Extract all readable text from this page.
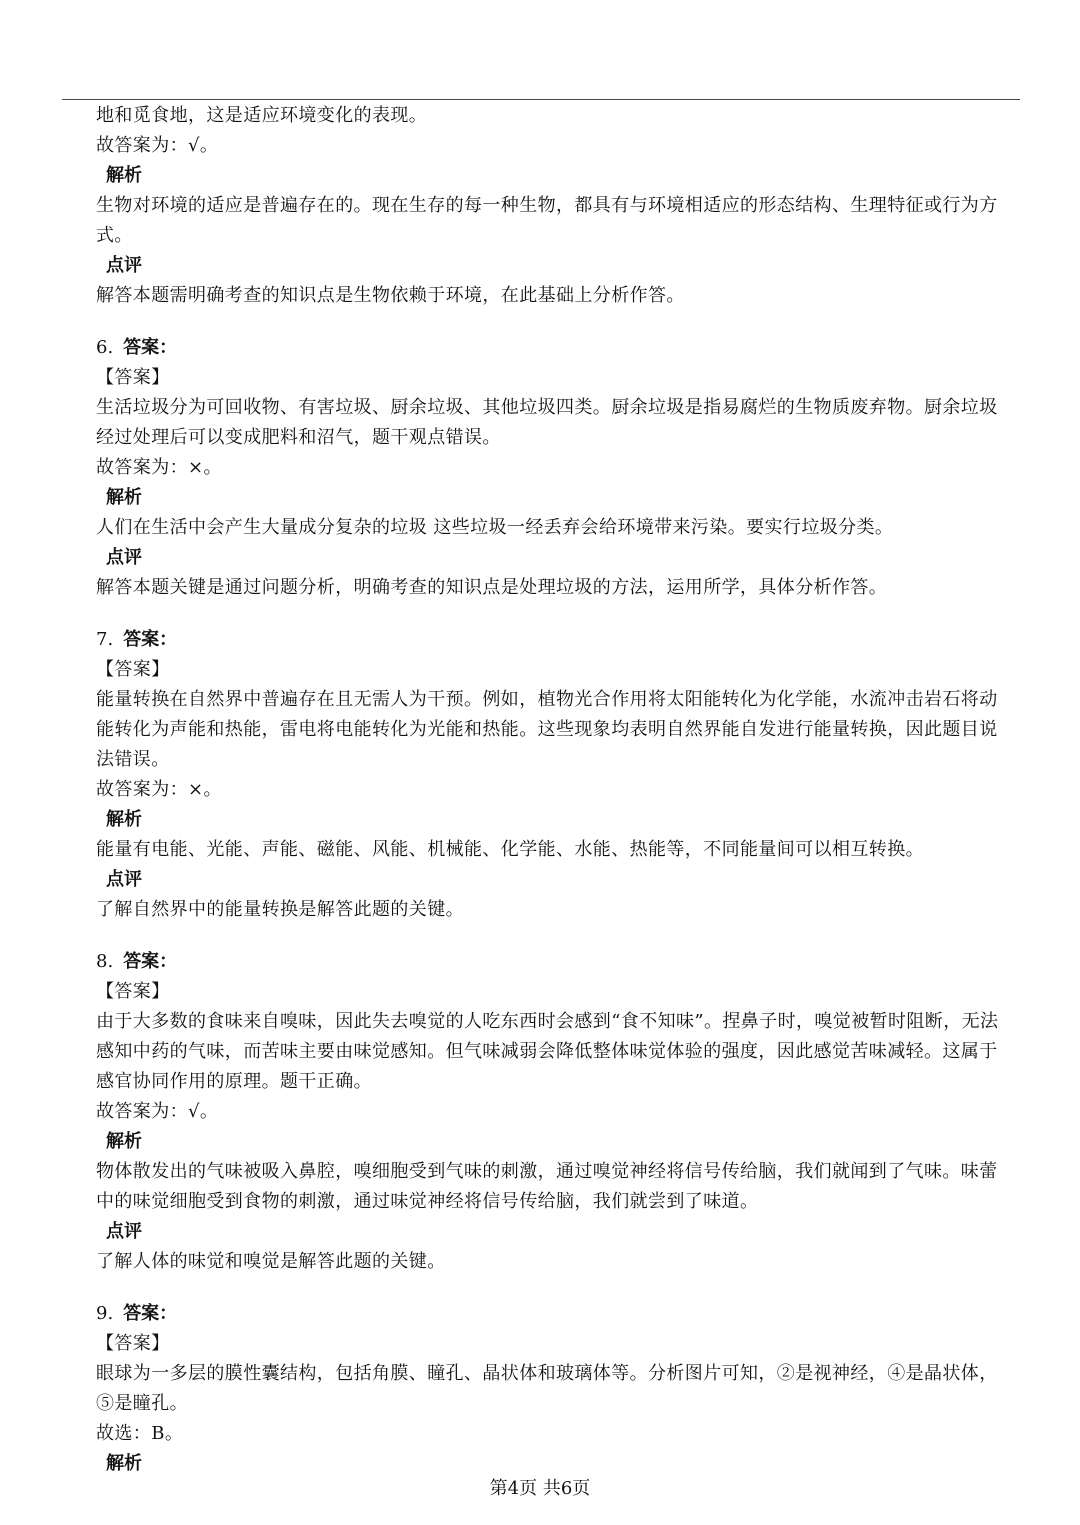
地和觅食地，这是适应环境变化的表现。
故答案为：√。
解析
生物对环境的适应是普遍存在的。现在生存的每一种生物，都具有与环境相适应的形态结构、生理特征或行为方
式。
点评
解答本题需明确考查的知识点是生物依赖于环境，在此基础上分析作答。
6. 答案：
【答案】
生活垃圾分为可回收物、有害垃圾、厨余垃圾、其他垃圾四类。厨余垃圾是指易腐烂的生物质废弃物。厨余垃圾
经过处理后可以变成肥料和沼气，题干观点错误。
故答案为：×。
解析
人们在生活中会产生大量成分复杂的垃圾 这些垃圾一经丢弃会给环境带来污染。要实行垃圾分类。
点评
解答本题关键是通过问题分析，明确考查的知识点是处理垃圾的方法，运用所学，具体分析作答。
7. 答案：
【答案】
能量转换在自然界中普遍存在且无需人为干预。例如，植物光合作用将太阳能转化为化学能，水流冲击岩石将动
能转化为声能和热能，雷电将电能转化为光能和热能。这些现象均表明自然界能自发进行能量转换，因此题目说
法错误。
故答案为：×。
解析
能量有电能、光能、声能、磁能、风能、机械能、化学能、水能、热能等，不同能量间可以相互转换。
点评
了解自然界中的能量转换是解答此题的关键。
8. 答案：
【答案】
由于大多数的食味来自嗅味，因此失去嗅觉的人吃东西时会感到“食不知味”。捏鼻子时，嗅觉被暂时阻断，无法
感知中药的气味，而苦味主要由味觉感知。但气味减弱会降低整体味觉体验的强度，因此感觉苦味减轻。这属于
感官协同作用的原理。题干正确。
故答案为：√。
解析
物体散发出的气味被吸入鼻腔，嗅细胞受到气味的刺激，通过嗅觉神经将信号传给脑，我们就闻到了气味。味蕾
中的味觉细胞受到食物的刺激，通过味觉神经将信号传给脑，我们就尝到了味道。
点评
了解人体的味觉和嗅觉是解答此题的关键。
9. 答案：
【答案】
眼球为一多层的膜性囊结构，包括角膜、瞳孔、晶状体和玻璃体等。分析图片可知，②是视神经，④是晶状体，
⑤是瞳孔。
故选：B。
解析
第4页 共6页
